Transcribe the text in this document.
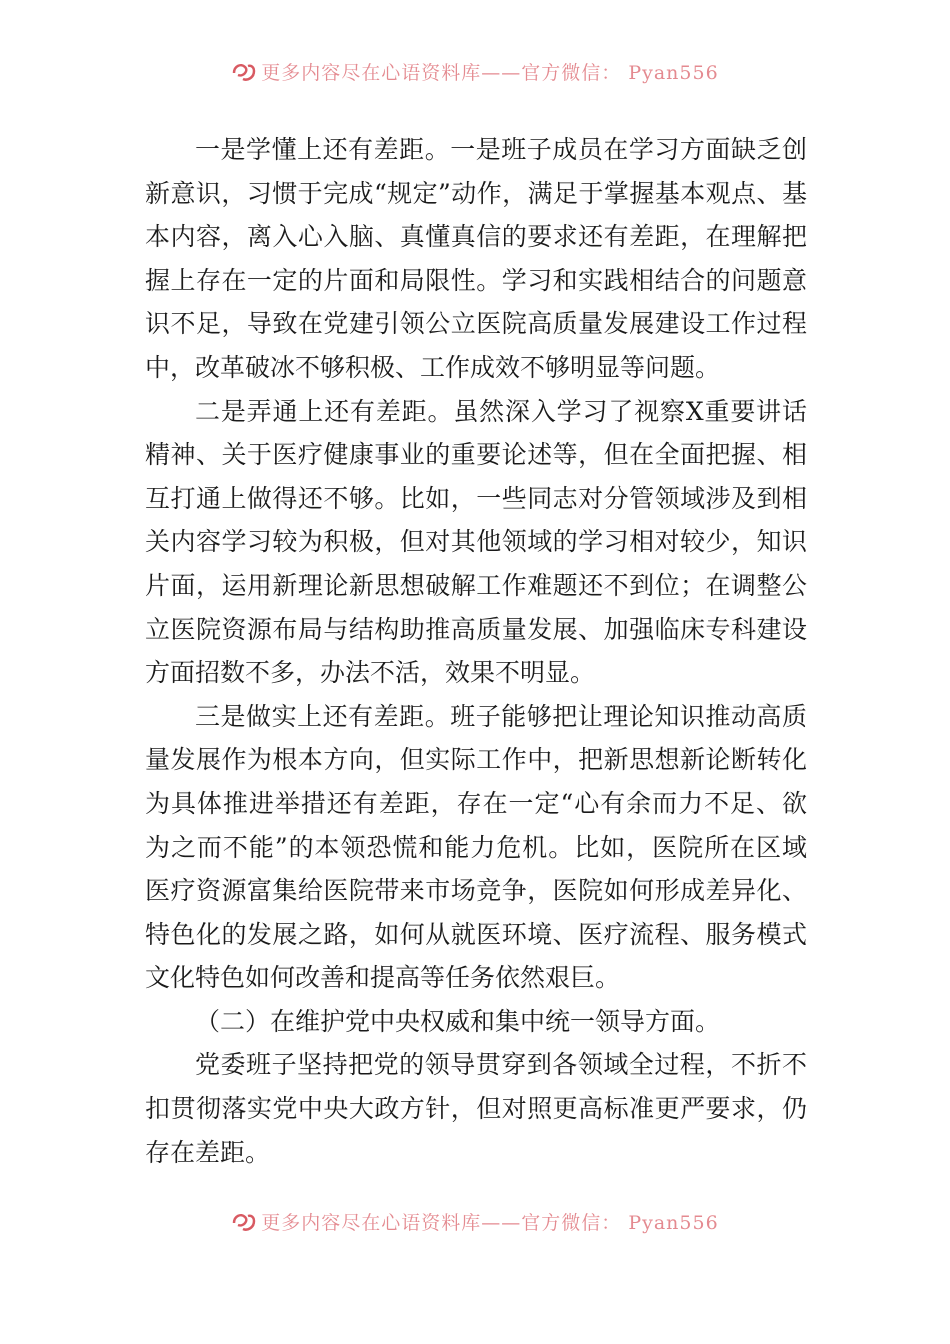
更多内容尽在心语资料库——官方微信： Pyan556

一是学懂上还有差距。一是班子成员在学习方面缺乏创新意识，习惯于完成“规定”动作，满足于掌握基本观点、基本内容，离入心入脑、真懂真信的要求还有差距，在理解把握上存在一定的片面和局限性。学习和实践相结合的问题意识不足，导致在党建引领公立医院高质量发展建设工作过程中，改革破冰不够积极、工作成效不够明显等问题。

二是弄通上还有差距。虽然深入学习了视察X重要讲话精神、关于医疗健康事业的重要论述等，但在全面把握、相互打通上做得还不够。比如，一些同志对分管领域涉及到相关内容学习较为积极，但对其他领域的学习相对较少，知识片面，运用新理论新思想破解工作难题还不到位；在调整公立医院资源布局与结构助推高质量发展、加强临床专科建设方面招数不多，办法不活，效果不明显。

三是做实上还有差距。班子能够把让理论知识推动高质量发展作为根本方向，但实际工作中，把新思想新论断转化为具体推进举措还有差距，存在一定“心有余而力不足、欲为之而不能”的本领恐慌和能力危机。比如，医院所在区域医疗资源富集给医院带来市场竞争，医院如何形成差异化、特色化的发展之路，如何从就医环境、医疗流程、服务模式文化特色如何改善和提高等任务依然艰巨。

（二）在维护党中央权威和集中统一领导方面。

党委班子坚持把党的领导贯穿到各领域全过程，不折不扣贯彻落实党中央大政方针，但对照更高标准更严要求，仍存在差距。

更多内容尽在心语资料库——官方微信： Pyan556
